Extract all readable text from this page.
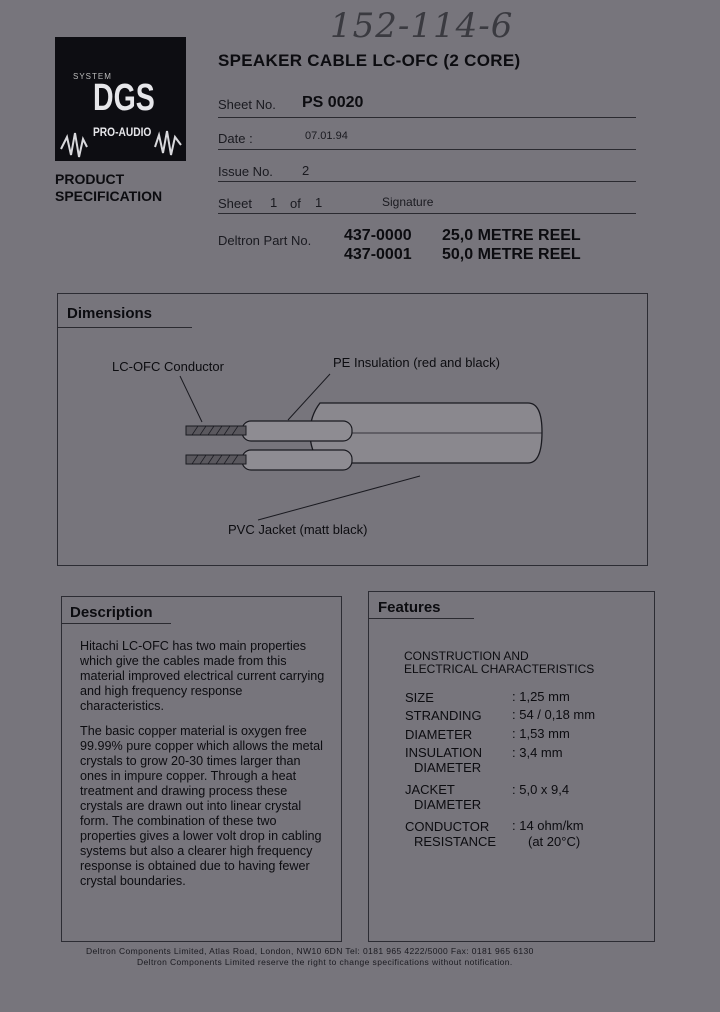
152-114-6
SYSTEM
DGS
PRO-AUDIO
PRODUCT
SPECIFICATION
SPEAKER CABLE LC-OFC (2 CORE)
Sheet No. PS 0020
Date :	07.01.94
Issue No. 2
Sheet 1 of 1	Signature
Deltron Part No. 437-0000 25,0 METRE REEL
437-0001 50,0 METRE REEL
Dimensions
LC-OFC Conductor	PE Insulation (red and black)
PVC Jacket (matt black)
Description

Hitachi LC-OFC has two main properties which give the cables made from this material improved electrical current carrying and high frequency response characteristics.

The basic copper material is oxygen free 99.99% pure copper which allows the metal crystals to grow 20-30 times larger than ones in impure copper. Through a heat treatment and drawing process these crystals are drawn out into linear crystal form. The combination of these two properties gives a lower volt drop in cabling systems but also a clearer high frequency response is obtained due to having fewer crystal boundaries.

Features
CONSTRUCTION AND
ELECTRICAL CHARACTERISTICS
SIZE	: 1,25 mm
STRANDING : 54 / 0,18 mm
DIAMETER	: 1,53 mm
INSULATION
DIAMETER
: 3,4 mm
JACKET
DIAMETER
: 5,0 x 9,4
CONDUCTOR
RESISTANCE
: 14 ohm/km
(at 20°C)
Deltron Components Limited, Atlas Road, London, NW10 6DN Tel: 0181 965 4222/5000 Fax: 0181 965 6130
Deltron Components Limited reserve the right to change specifications without notification.
